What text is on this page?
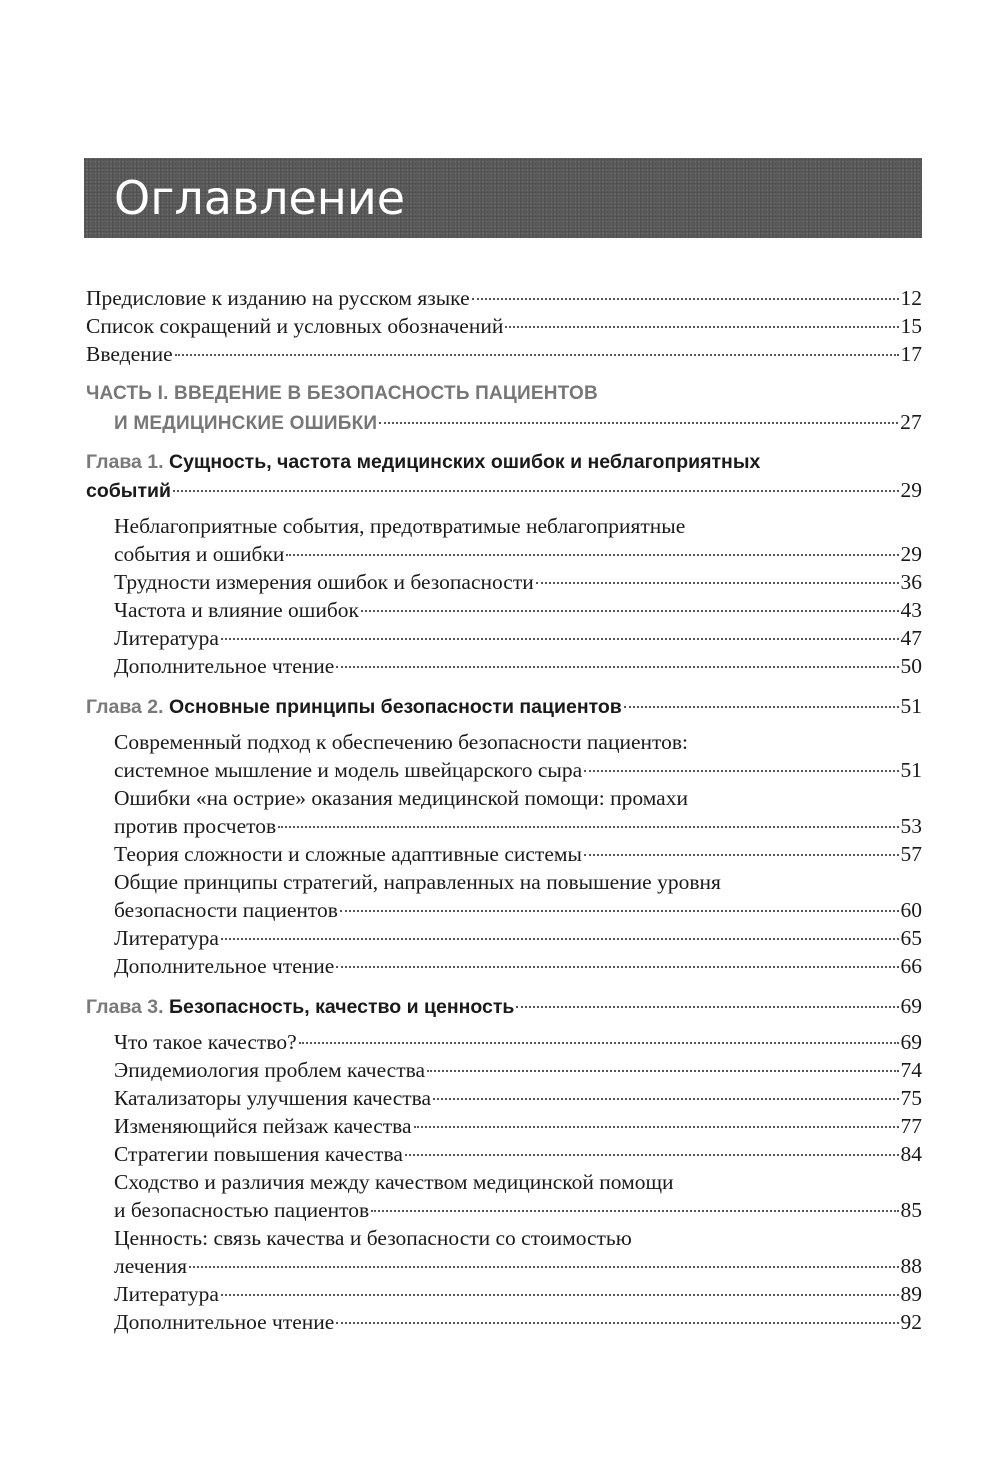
Оглавление
Предисловие к изданию на русском языке	12
Список сокращений и условных обозначений	15
Введение	17
ЧАСТЬ I. ВВЕДЕНИЕ В БЕЗОПАСНОСТЬ ПАЦИЕНТОВ
И МЕДИЦИНСКИЕ ОШИБКИ	27
Глава 1. Сущность, частота медицинских ошибок и неблагоприятных
событий	29
Неблагоприятные события, предотвратимые неблагоприятные
события и ошибки	29
Трудности измерения ошибок и безопасности	36
Частота и влияние ошибок	43
Литература	47
Дополнительное чтение	50
Глава 2. Основные принципы безопасности пациентов	51
Современный подход к обеспечению безопасности пациентов:
системное мышление и модель швейцарского сыра	51
Ошибки «на острие» оказания медицинской помощи: промахи
против просчетов	53
Теория сложности и сложные адаптивные системы	57
Общие принципы стратегий, направленных на повышение уровня
безопасности пациентов	60
Литература	65
Дополнительное чтение	66
Глава 3. Безопасность, качество и ценность	69
Что такое качество?	69
Эпидемиология проблем качества	74
Катализаторы улучшения качества	75
Изменяющийся пейзаж качества	77
Стратегии повышения качества	84
Сходство и различия между качеством медицинской помощи
и безопасностью пациентов	85
Ценность: связь качества и безопасности со стоимостью
лечения	88
Литература	89
Дополнительное чтение	92
